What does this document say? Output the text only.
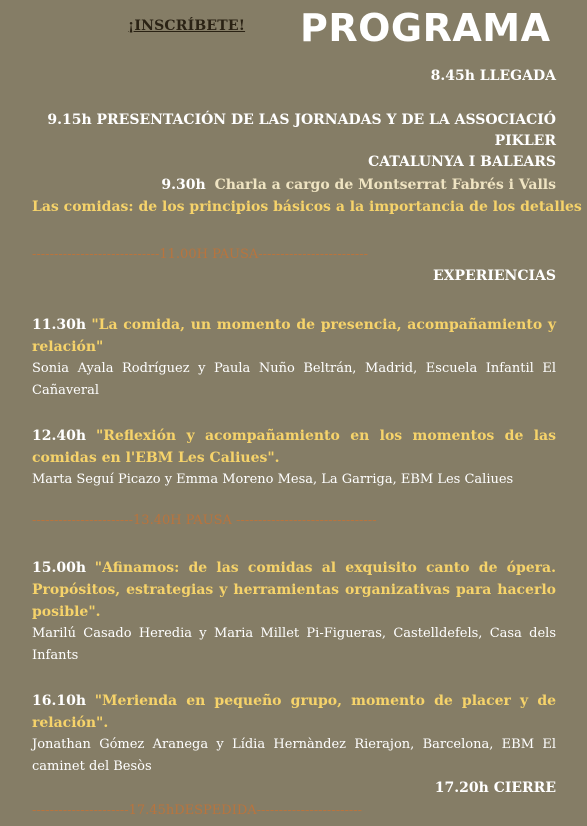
¡INSCRÍBETE! PROGRAMA
8.45h LLEGADA
9.15h PRESENTACIÓN DE LAS JORNADAS Y DE LA ASSOCIACIÓ PIKLER
CATALUNYA I BALEARS
9.30h Charla a cargo de Montserrat Fabrés i Valls
Las comidas: de los principios básicos a la importancia de los detalles
-----------------------------11.00H PAUSA-------------------------
EXPERIENCIAS
11.30h "La comida, un momento de presencia, acompañamiento y relación"
Sonia Ayala Rodríguez y Paula Nuño Beltrán, Madrid, Escuela Infantil El Cañaveral
12.40h "Reflexión y acompañamiento en los momentos de las comidas en l'EBM Les Caliues".
Marta Seguí Picazo y Emma Moreno Mesa, La Garriga, EBM Les Caliues
-----------------------13.40H PAUSA --------------------------------
15.00h "Afinamos: de las comidas al exquisito canto de ópera. Propósitos, estrategias y herramientas organizativas para hacerlo posible".
Marilú Casado Heredia y Maria Millet Pi-Figueras, Castelldefels, Casa dels Infants
16.10h "Merienda en pequeño grupo, momento de placer y de relación".
Jonathan Gómez Aranega y Lídia Hernàndez Rierajon, Barcelona, EBM El caminet del Besòs
17.20h CIERRE
----------------------17.45hDESPEDIDA------------------------
